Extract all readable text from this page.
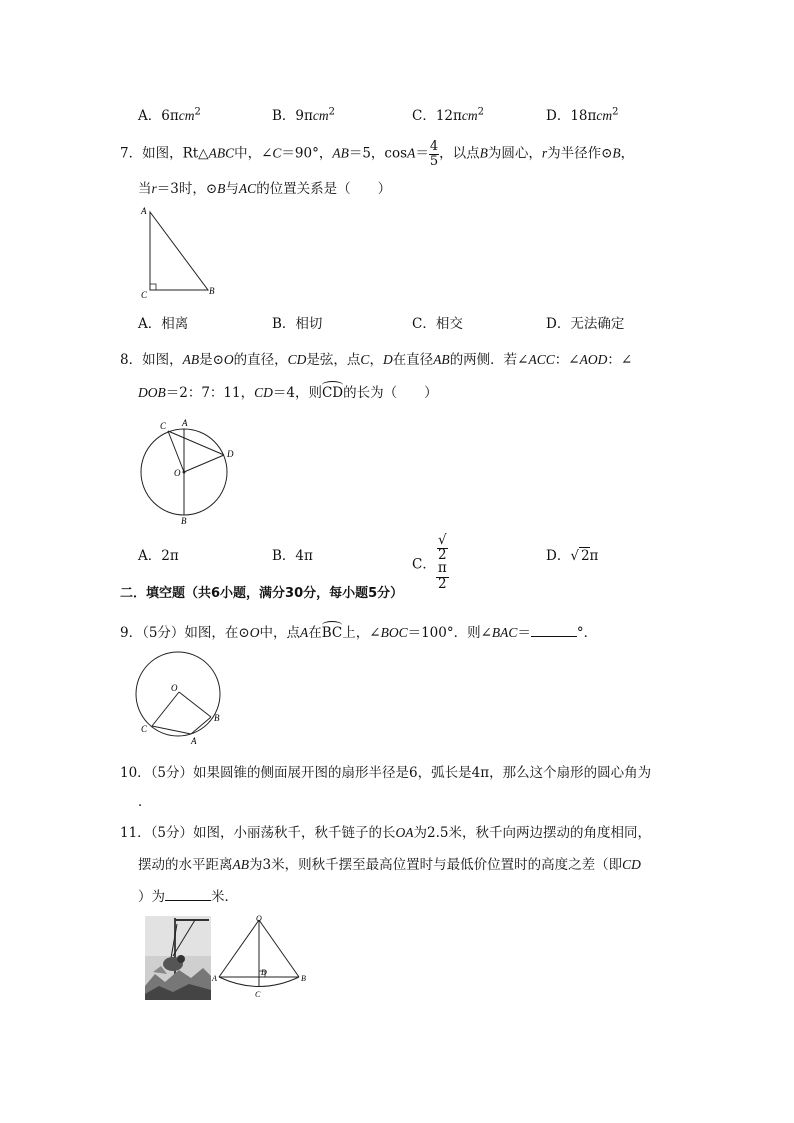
A．6πcm$^2$	B．9πcm$^2$	C．12πcm$^2$	D．18πcm$^2$
7．如图，Rt△ABC中，∠C＝90°，AB＝5，$\cos A= \frac{4}{5}$ ，以点B为圆心，r为半径作⊙B，
当r＝3时，⊙B与AC的位置关系是（　　）
A
B
C
A．相离	B．相切	C．相交	D．无法确定
8．如图，AB是⊙O的直径，CD是弦，点C，D在直径AB的两侧．若∠ACC：∠AOD：∠
DOB＝2：7：11，CD＝4，则CD的长为（　　）
A
C
D
O
B
A．2π	B．4π
C． √
2
π
2	D．√ 2π
二．填空题（共6小题，满分30分，每小题5分）
9．（5分）如图，在⊙O中，点A在BC上，∠BOC＝100°．则∠BAC＝	°．
O
C
B
A
10．（5分）如果圆锥的侧面展开图的扇形半径是6，弧长是4π，那么这个扇形的圆心角为
．
11．（5分）如图，小丽荡秋千，秋千链子的长OA为2.5米，秋千向两边摆动的角度相同，
摆动的水平距离AB为3米，则秋千摆至最高位置时与最低价位置时的高度之差（即CD
）为	米．
O
A	B
D
C
